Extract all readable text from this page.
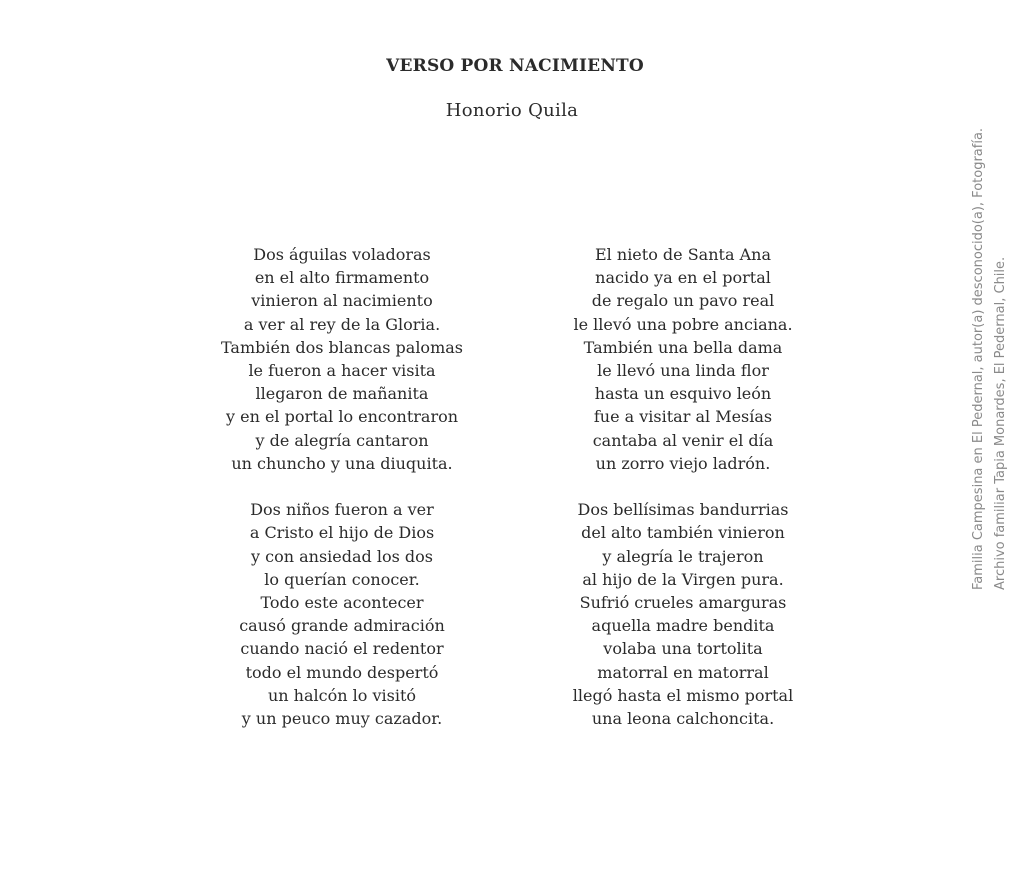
VERSO POR NACIMIENTO
Honorio Quila
Dos águilas voladoras
en el alto firmamento
vinieron al nacimiento
a ver al rey de la Gloria.
También dos blancas palomas
le fueron a hacer visita
llegaron de mañanita
y en el portal lo encontraron
y de alegría cantaron
un chuncho y una diuquita.
Dos niños fueron a ver
a Cristo el hijo de Dios
y con ansiedad los dos
lo querían conocer.
Todo este acontecer
causó grande admiración
cuando nació el redentor
todo el mundo despertó
un halcón lo visitó
y un peuco muy cazador.
El nieto de Santa Ana
nacido ya en el portal
de regalo un pavo real
le llevó una pobre anciana.
También una bella dama
le llevó una linda flor
hasta un esquivo león
fue a visitar al Mesías
cantaba al venir el día
un zorro viejo ladrón.
Dos bellísimas bandurrias
del alto también vinieron
y alegría le trajeron
al hijo de la Virgen pura.
Sufrió crueles amarguras
aquella madre bendita
volaba una tortolita
matorral en matorral
llegó hasta el mismo portal
una leona calchoncita.
Familia Campesina en El Pedernal, autor(a) desconocido(a), Fotografía. Archivo familiar Tapia Monardes, El Pedernal, Chile.
